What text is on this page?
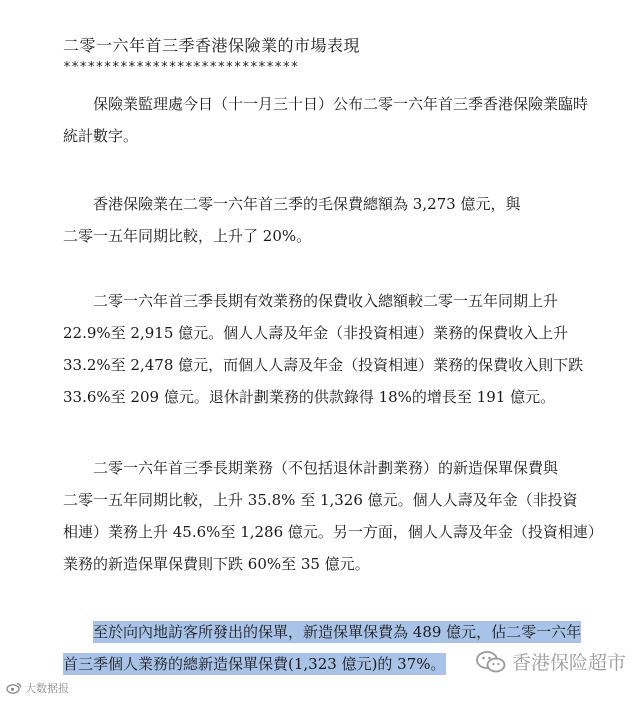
二零一六年首三季香港保險業的市場表現
*****************************

保險業監理處今日（十一月三十日）公布二零一六年首三季香港保險業臨時
統計數字。

香港保險業在二零一六年首三季的毛保費總額為 3,273 億元，與
二零一五年同期比較，上升了 20%。

二零一六年首三季長期有效業務的保費收入總額較二零一五年同期上升
22.9%至 2,915 億元。個人人壽及年金（非投資相連）業務的保費收入上升
33.2%至 2,478 億元，而個人人壽及年金（投資相連）業務的保費收入則下跌
33.6%至 209 億元。退休計劃業務的供款錄得 18%的增長至 191 億元。

二零一六年首三季長期業務（不包括退休計劃業務）的新造保單保費與
二零一五年同期比較，上升 35.8% 至 1,326 億元。個人人壽及年金（非投資
相連）業務上升 45.6%至 1,286 億元。另一方面，個人人壽及年金（投資相連）
業務的新造保單保費則下跌 60%至 35 億元。

至於向內地訪客所發出的保單，新造保單保費為 489 億元，佔二零一六年
首三季個人業務的總新造保單保費(1,323 億元)的 37%。	香港保险超市
大数据报
